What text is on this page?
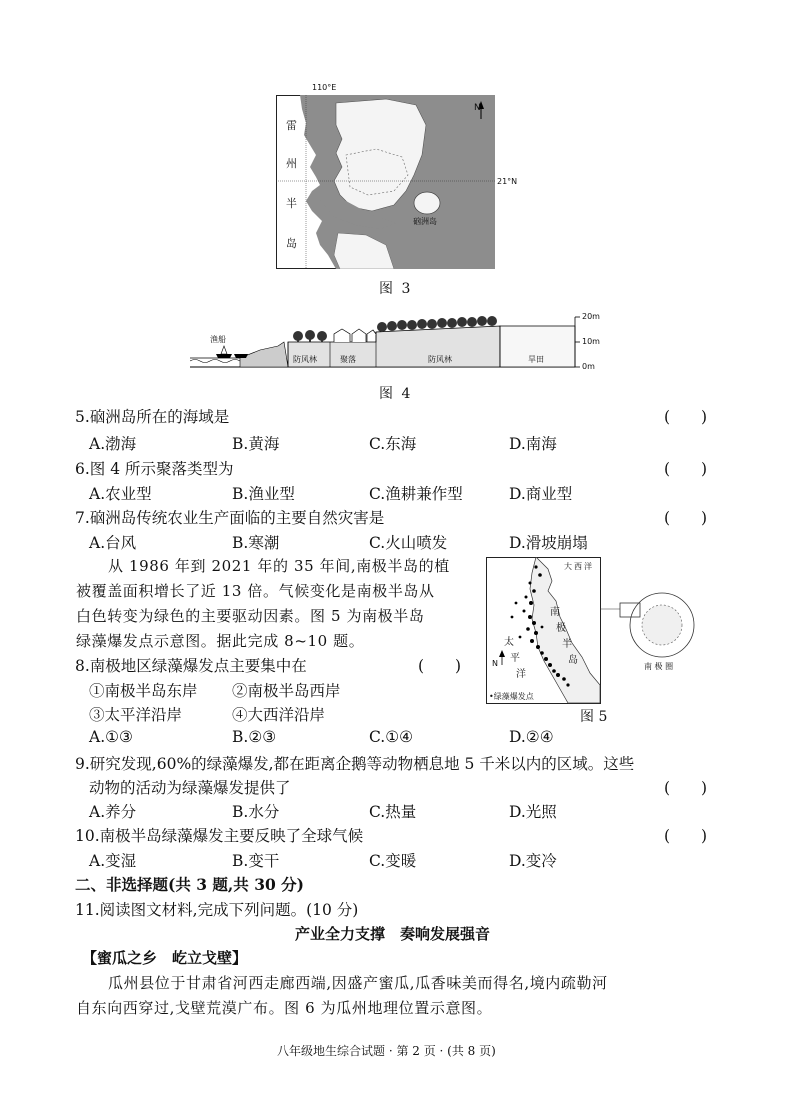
110°E
21°N
N
雷
州
半
岛
硇洲岛
图 3
渔船
防风林	聚落	防风林	旱田
20m
10m
0m
图 4
5.硇洲岛所在的海域是	(　　)
A.渤海	B.黄海	C.东海	D.南海
6.图 4 所示聚落类型为	(　　)
A.农业型	B.渔业型	C.渔耕兼作型	D.商业型
7.硇洲岛传统农业生产面临的主要自然灾害是	(　　)
A.台风	B.寒潮	C.火山喷发	D.滑坡崩塌
从 1986 年到 2021 年的 35 年间,南极半岛的植
被覆盖面积增长了近 13 倍。气候变化是南极半岛从
白色转变为绿色的主要驱动因素。图 5 为南极半岛
绿藻爆发点示意图。据此完成 8~10 题。
8.南极地区绿藻爆发点主要集中在	(　　)
①南极半岛东岸 ②南极半岛西岸
③太平洋沿岸	④大西洋沿岸
A.①③	B.②③	C.①④	D.②④
大 西 洋
南
极
半
岛
太
平
洋
N
•绿藻爆发点
南 极 圈
图 5
9.研究发现,60%的绿藻爆发,都在距离企鹅等动物栖息地 5 千米以内的区域。这些
动物的活动为绿藻爆发提供了	(　　)
A.养分	B.水分	C.热量	D.光照
10.南极半岛绿藻爆发主要反映了全球气候	(　　)
A.变湿	B.变干	C.变暖	D.变冷
二、非选择题(共 3 题,共 30 分)
11.阅读图文材料,完成下列问题。(10 分)
产业全力支撑　奏响发展强音
【蜜瓜之乡　屹立戈壁】
瓜州县位于甘肃省河西走廊西端,因盛产蜜瓜,瓜香味美而得名,境内疏勒河
自东向西穿过,戈壁荒漠广布。图 6 为瓜州地理位置示意图。
八年级地生综合试题 · 第 2 页 · (共 8 页)
